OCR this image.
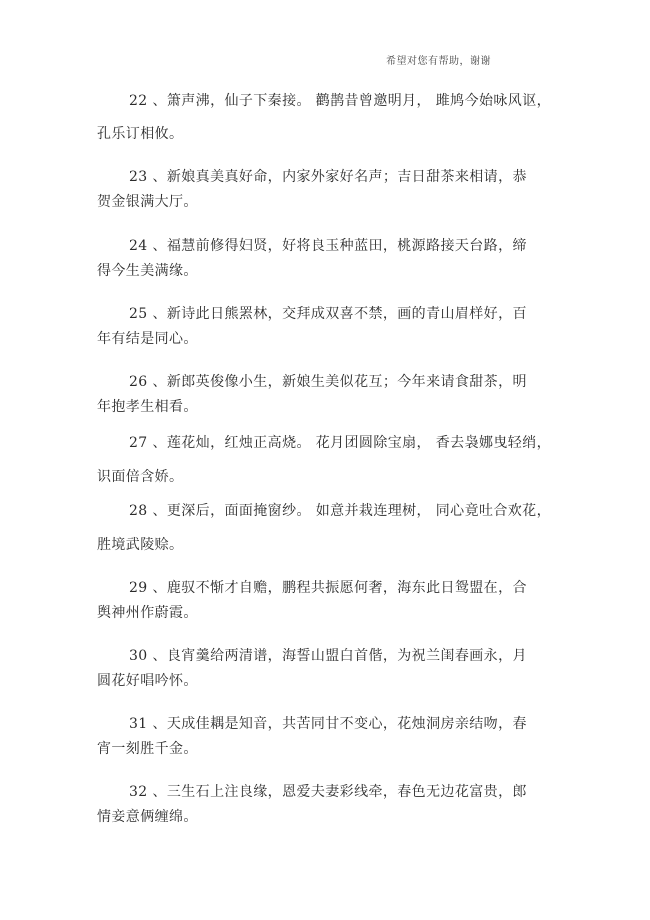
希望对您有帮助，谢谢
22 、箫声沸，仙子下秦接。 鹳鹊昔曾邀明月， 雎鸠今始咏风讴，
孔乐订相攸。
23 、新娘真美真好命，内家外家好名声；吉日甜茶来相请，恭
贺金银满大厅。
24 、福慧前修得妇贤，好将良玉种蓝田，桃源路接天台路，缔
得今生美满缘。
25 、新诗此日熊罴林，交拜成双喜不禁，画的青山眉样好，百
年有结是同心。
26 、新郎英俊像小生，新娘生美似花互；今年来请食甜茶，明
年抱孝生相看。
27 、莲花灿，红烛正高烧。 花月团圆除宝扇， 香去袅娜曳轻绡，
识面倍含娇。
28 、更深后，面面掩窗纱。 如意并栽连理树， 同心竟吐合欢花，
胜境武陵赊。
29 、鹿驭不惭才自赡，鹏程共振愿何奢，海东此日鸳盟在，合
舆神州作蔚霞。
30 、良宵羹给两清谱，海誓山盟白首偕，为祝兰闺春画永，月
圆花好唱吟怀。
31 、天成佳耦是知音，共苦同甘不变心，花烛洞房亲结吻，春
宵一刻胜千金。
32 、三生石上注良缘，恩爱夫妻彩线牵，春色无边花富贵，郎
情妾意俩缠绵。
